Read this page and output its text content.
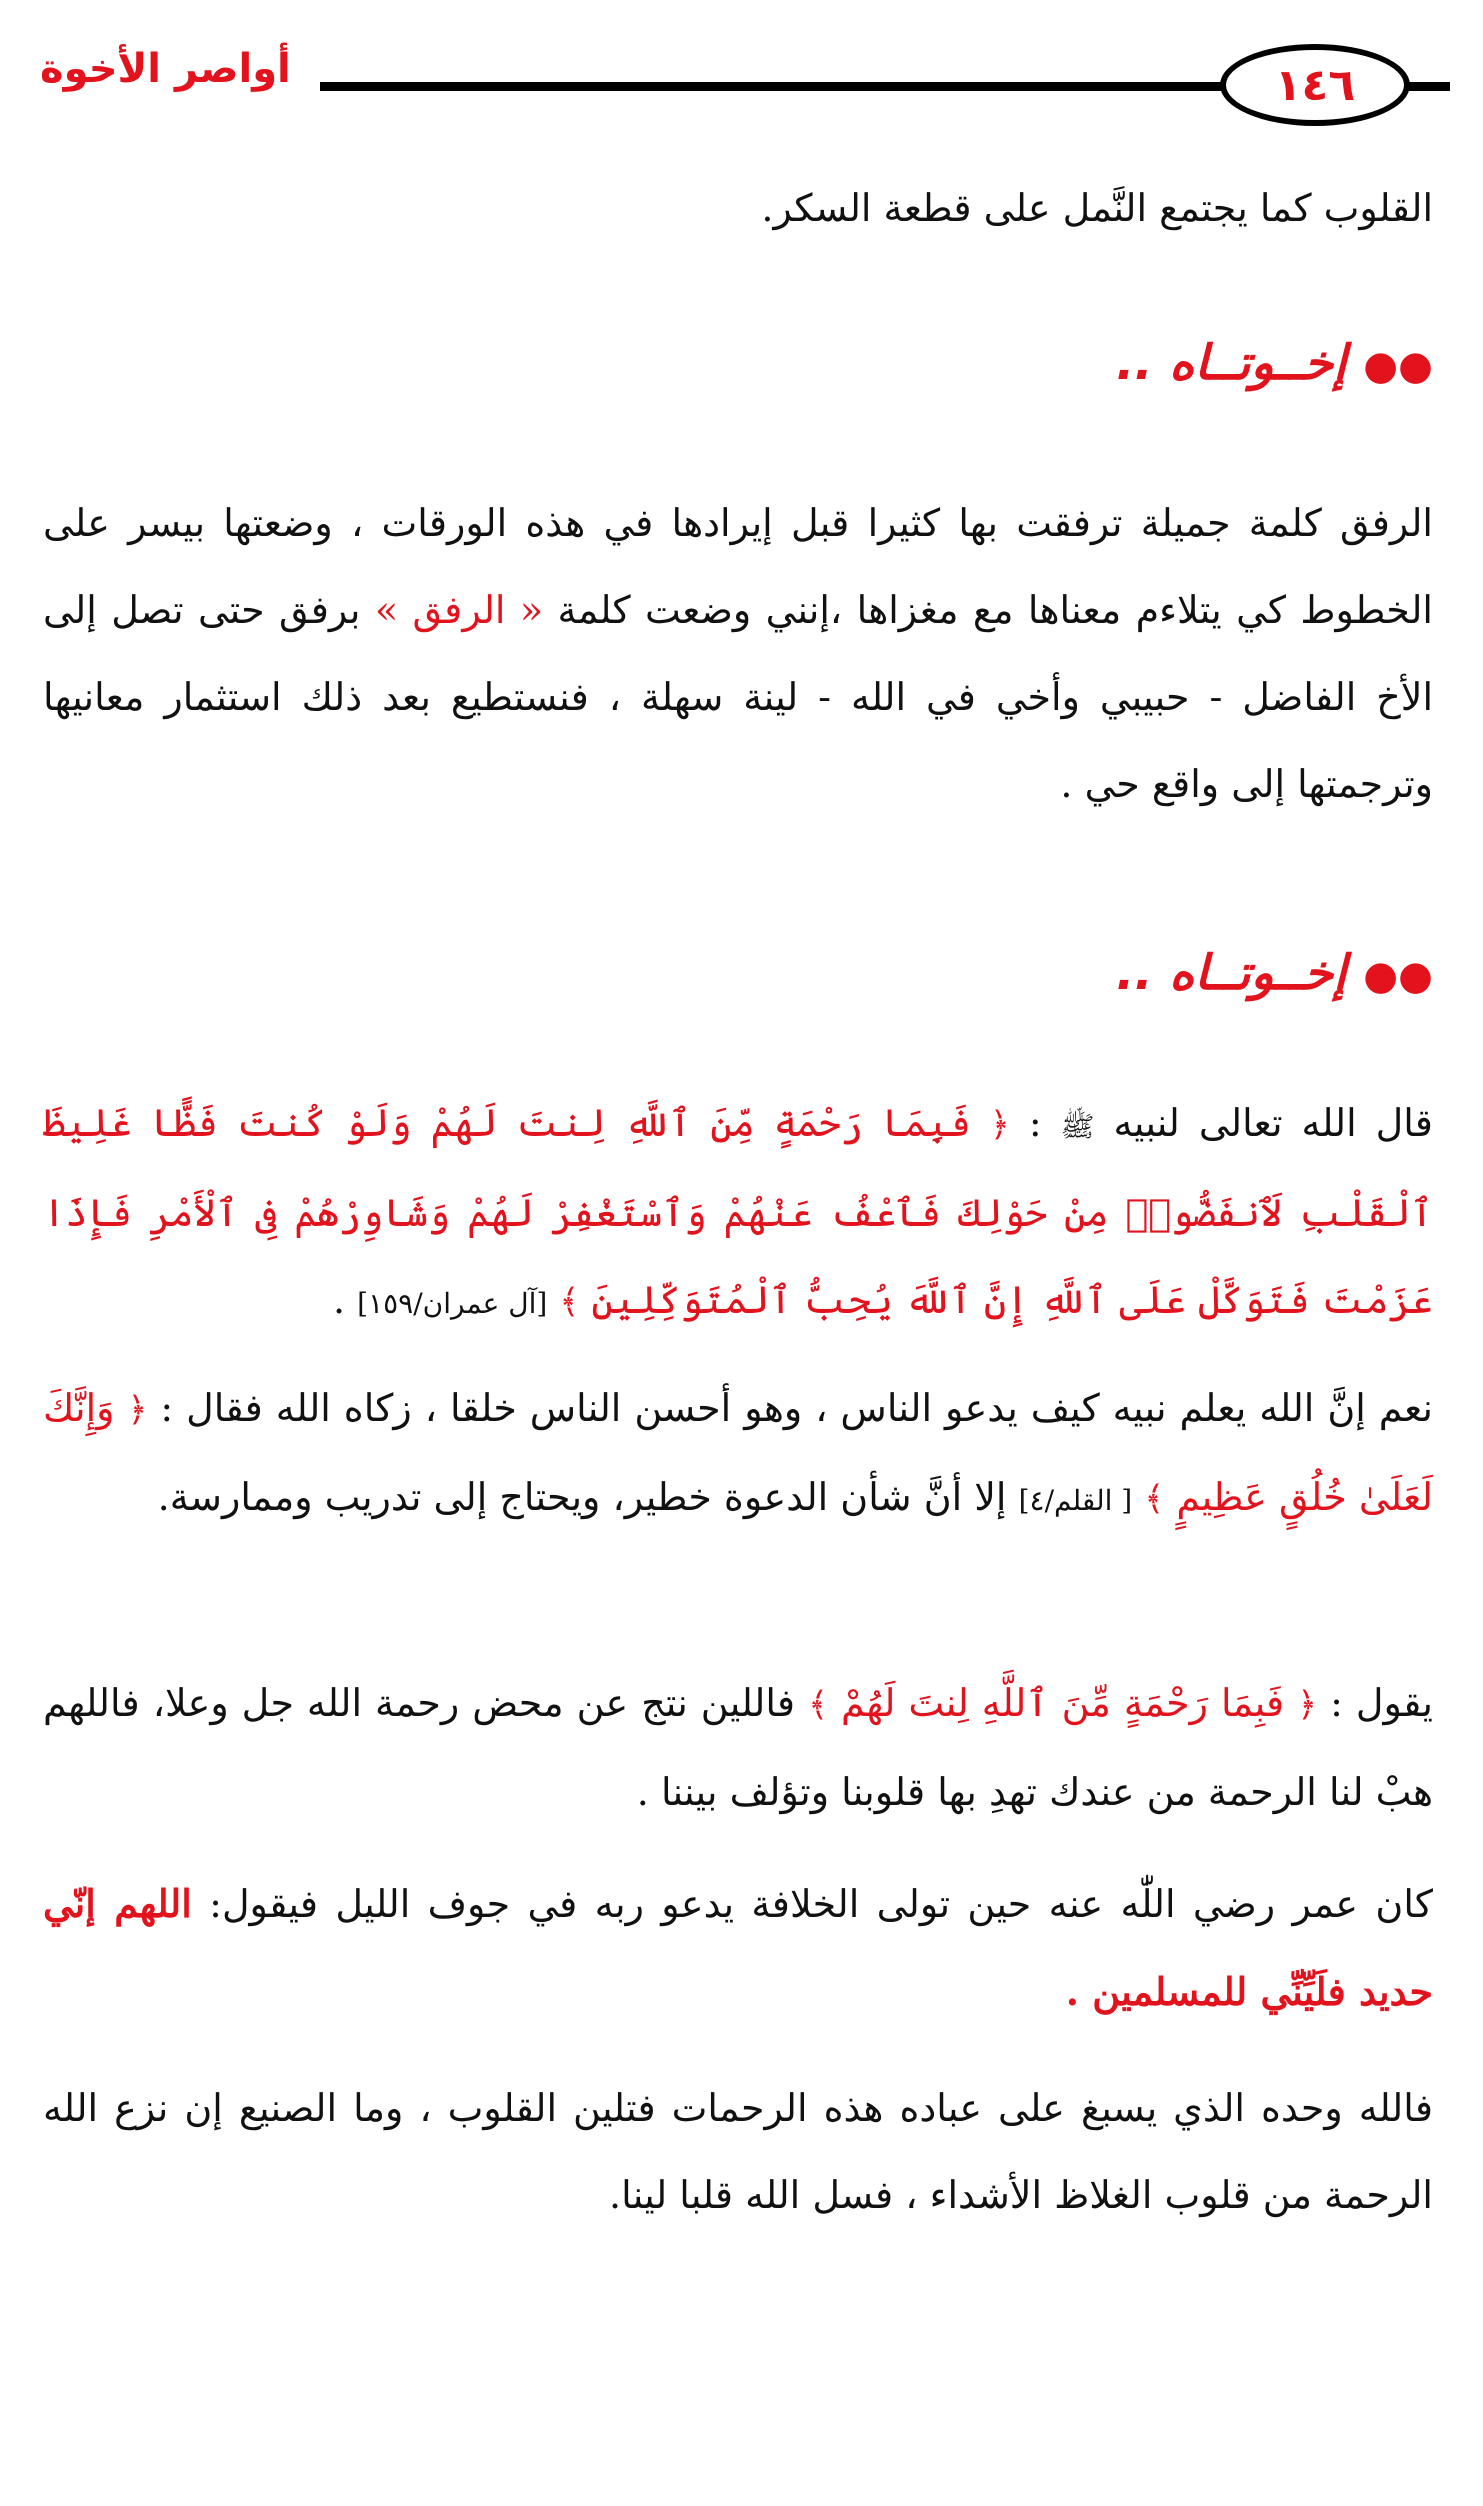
١٤٦
أواصر الأخوة
القلوب كما يجتمع النَّمل على قطعة السكر.
●● إخــوتــاه ..
الرفق كلمة جميلة ترفقت بها كثيرا قبل إيرادها في هذه الورقات ، وضعتها بيسر على الخطوط كي يتلاءم معناها مع مغزاها ،إنني وضعت كلمة « الرفق » برفق حتى تصل إلى الأخ الفاضل - حبيبي وأخي في الله - لينة سهلة ، فنستطيع بعد ذلك استثمار معانيها وترجمتها إلى واقع حي .
●● إخــوتــاه ..
قال الله تعالى لنبيه ﷺ : ﴿ فَبِمَا رَحْمَةٍ مِّنَ ٱللَّهِ لِنتَ لَهُمْ وَلَوْ كُنتَ فَظًّا غَلِيظَ ٱلْقَلْبِ لَٱنفَضُّوا۟ مِنْ حَوْلِكَ فَٱعْفُ عَنْهُمْ وَٱسْتَغْفِرْ لَهُمْ وَشَاوِرْهُمْ فِى ٱلْأَمْرِ فَإِذَا عَزَمْتَ فَتَوَكَّلْ عَلَى ٱللَّهِ إِنَّ ٱللَّهَ يُحِبُّ ٱلْمُتَوَكِّلِينَ ﴾ [آل عمران/١٥٩] .
نعم إنَّ الله يعلم نبيه كيف يدعو الناس ، وهو أحسن الناس خلقا ، زكاه الله فقال : ﴿ وَإِنَّكَ لَعَلَىٰ خُلُقٍ عَظِيمٍ ﴾ [ القلم/٤] إلا أنَّ شأن الدعوة خطير، ويحتاج إلى تدريب وممارسة.
يقول : ﴿ فَبِمَا رَحْمَةٍ مِّنَ ٱللَّهِ لِنتَ لَهُمْ ﴾ فاللين نتج عن محض رحمة الله جل وعلا، فاللهم هبْ لنا الرحمة من عندك تهدِ بها قلوبنا وتؤلف بيننا .
كان عمر رضي اللّٰه عنه حين تولى الخلافة يدعو ربه في جوف الليل فيقول: اللهم إنّي حديد فلَيِّنِّي للمسلمين .
فالله وحده الذي يسبغ على عباده هذه الرحمات فتلين القلوب ، وما الصنيع إن نزع الله الرحمة من قلوب الغلاظ الأشداء ، فسل الله قلبا لينا.
